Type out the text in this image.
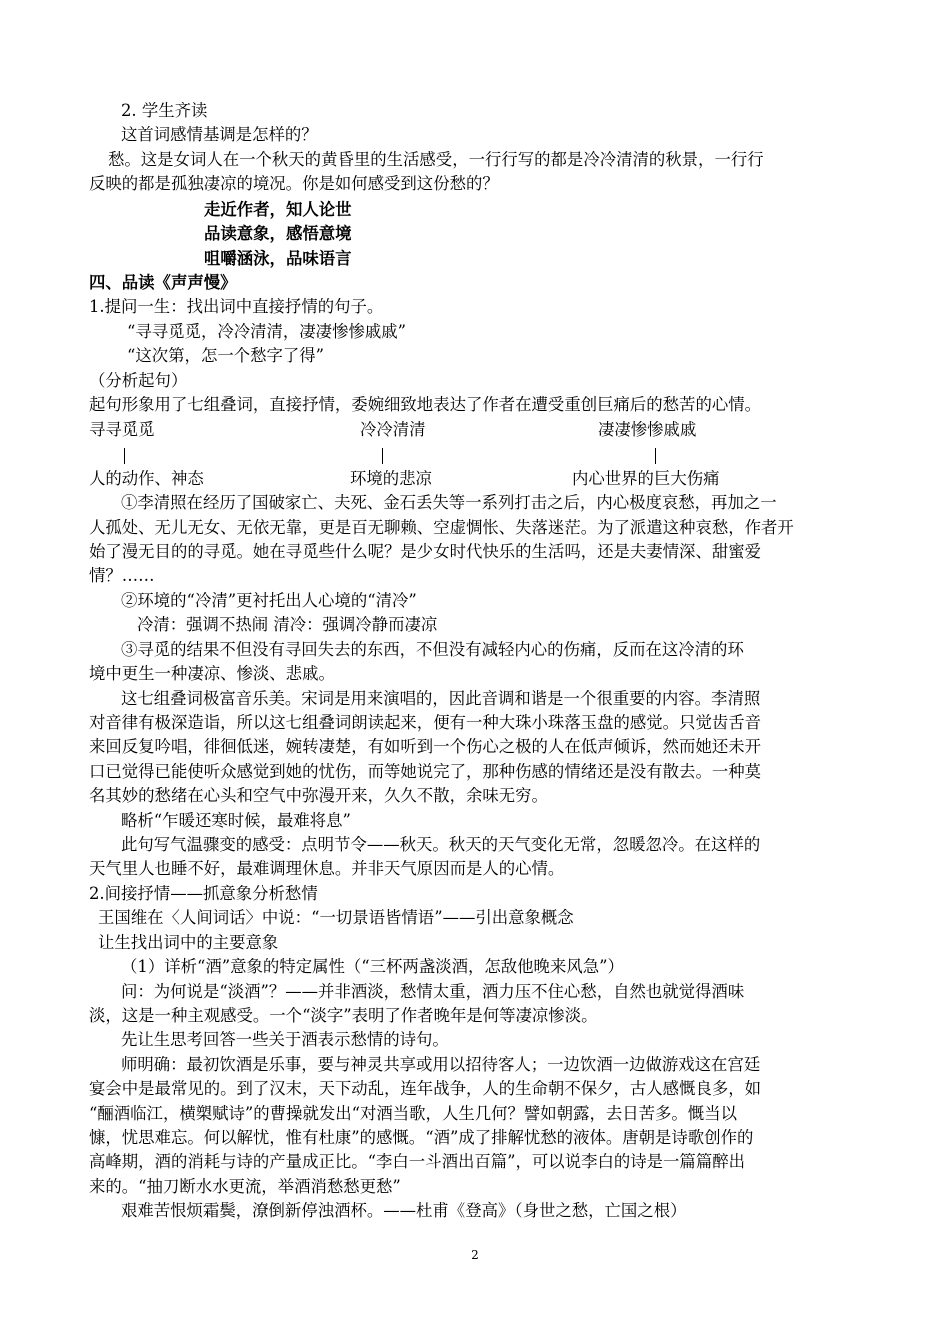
2. 学生齐读
这首词感情基调是怎样的？
愁。这是女词人在一个秋天的黄昏里的生活感受，一行行写的都是冷冷清清的秋景，一行行
反映的都是孤独凄凉的境况。你是如何感受到这份愁的？
走近作者，知人论世
品读意象，感悟意境
咀嚼涵泳，品味语言
四、品读《声声慢》
1.提问一生：找出词中直接抒情的句子。
“寻寻觅觅，冷冷清清，凄凄惨惨戚戚”
“这次第，怎一个愁字了得”
（分析起句）
起句形象用了七组叠词，直接抒情，委婉细致地表达了作者在遭受重创巨痛后的愁苦的心情。
寻寻觅觅	冷冷清清	凄凄惨惨戚戚
人的动作、神态	环境的悲凉	内心世界的巨大伤痛
①李清照在经历了国破家亡、夫死、金石丢失等一系列打击之后，内心极度哀愁，再加之一
人孤处、无儿无女、无依无靠，更是百无聊赖、空虚惆怅、失落迷茫。为了派遣这种哀愁，作者开
始了漫无目的的寻觅。她在寻觅些什么呢？是少女时代快乐的生活吗，还是夫妻情深、甜蜜爱
情？……
②环境的“冷清”更衬托出人心境的“清冷”
冷清：强调不热闹 清冷：强调冷静而凄凉
③寻觅的结果不但没有寻回失去的东西，不但没有减轻内心的伤痛，反而在这冷清的环
境中更生一种凄凉、惨淡、悲戚。
这七组叠词极富音乐美。宋词是用来演唱的，因此音调和谐是一个很重要的内容。李清照
对音律有极深造诣，所以这七组叠词朗读起来，便有一种大珠小珠落玉盘的感觉。只觉齿舌音
来回反复吟唱，徘徊低迷，婉转凄楚，有如听到一个伤心之极的人在低声倾诉，然而她还未开
口已觉得已能使听众感觉到她的忧伤，而等她说完了，那种伤感的情绪还是没有散去。一种莫
名其妙的愁绪在心头和空气中弥漫开来，久久不散，余味无穷。
略析“乍暖还寒时候，最难将息”
此句写气温骤变的感受：点明节令——秋天。秋天的天气变化无常，忽暖忽冷。在这样的
天气里人也睡不好，最难调理休息。并非天气原因而是人的心情。
2.间接抒情——抓意象分析愁情
王国维在〈人间词话〉中说：“一切景语皆情语”——引出意象概念
让生找出词中的主要意象
（1）详析“酒”意象的特定属性（“三杯两盏淡酒，怎敌他晚来风急”）
问：为何说是“淡酒”？——并非酒淡，愁情太重，酒力压不住心愁，自然也就觉得酒味
淡，这是一种主观感受。一个“淡字”表明了作者晚年是何等凄凉惨淡。
先让生思考回答一些关于酒表示愁情的诗句。
师明确：最初饮酒是乐事，要与神灵共享或用以招待客人；一边饮酒一边做游戏这在宫廷
宴会中是最常见的。到了汉末，天下动乱，连年战争，人的生命朝不保夕，古人感慨良多，如
“酾酒临江，横槊赋诗”的曹操就发出“对酒当歌，人生几何？譬如朝露，去日苦多。慨当以
慷，忧思难忘。何以解忧，惟有杜康”的感慨。“酒”成了排解忧愁的液体。唐朝是诗歌创作的
高峰期，酒的消耗与诗的产量成正比。“李白一斗酒出百篇”，可以说李白的诗是一篇篇醉出
来的。“抽刀断水水更流，举酒消愁愁更愁”
艰难苦恨烦霜鬓，潦倒新停浊酒杯。——杜甫《登高》（身世之愁，亡国之根）
2
